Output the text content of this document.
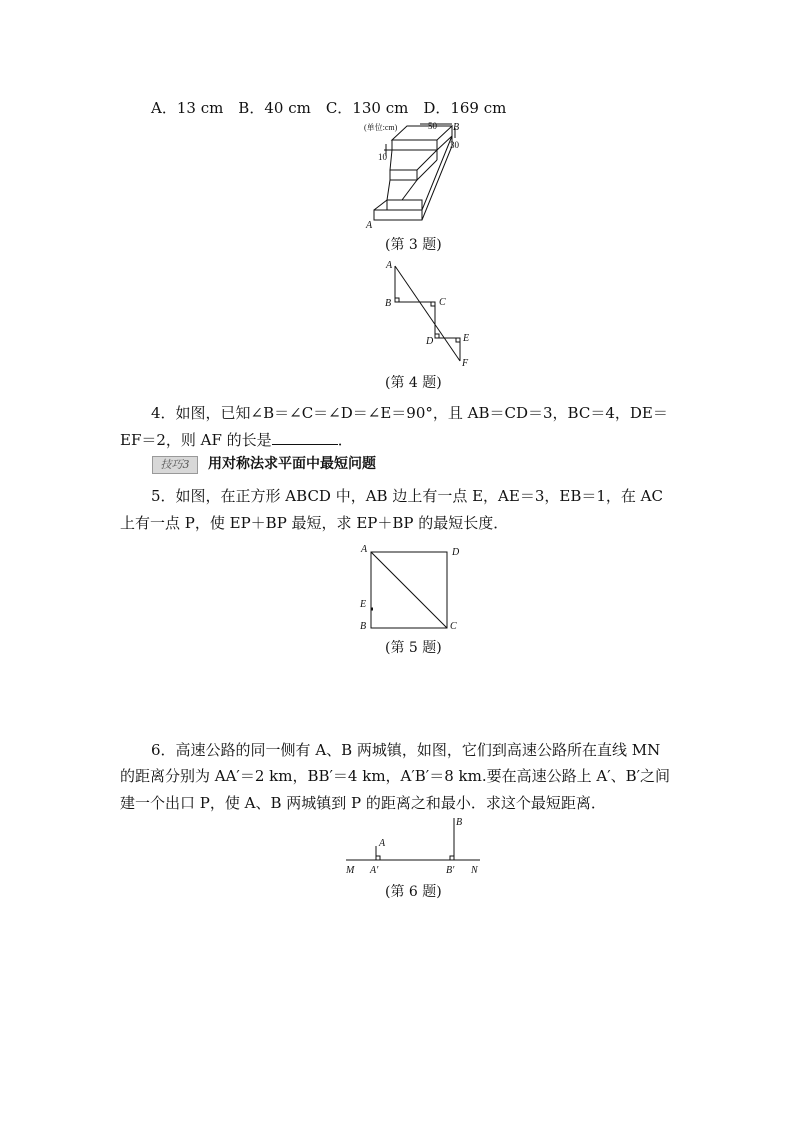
A．13 cm　B．40 cm　C．130 cm　D．169 cm
(单位:cm)	50
30
10
B
A
(第 3 题)
A
B	C
D	E
F
(第 4 题)
4．如图，已知∠B＝∠C＝∠D＝∠E＝90°，且 AB＝CD＝3，BC＝4，DE＝
EF＝2，则 AF 的长是	．
技巧3	用对称法求平面中最短问题
5．如图，在正方形 ABCD 中，AB 边上有一点 E，AE＝3，EB＝1，在 AC
上有一点 P，使 EP＋BP 最短，求 EP＋BP 的最短长度．
A	D
E
B	C
(第 5 题)
6．高速公路的同一侧有 A、B 两城镇，如图，它们到高速公路所在直线 MN
的距离分别为 AA′＝2 km，BB′＝4 km，A′B′＝8 km.要在高速公路上 A′、B′之间
建一个出口 P，使 A、B 两城镇到 P 的距离之和最小．求这个最短距离．
A
B
M A′	B′ N
(第 6 题)
